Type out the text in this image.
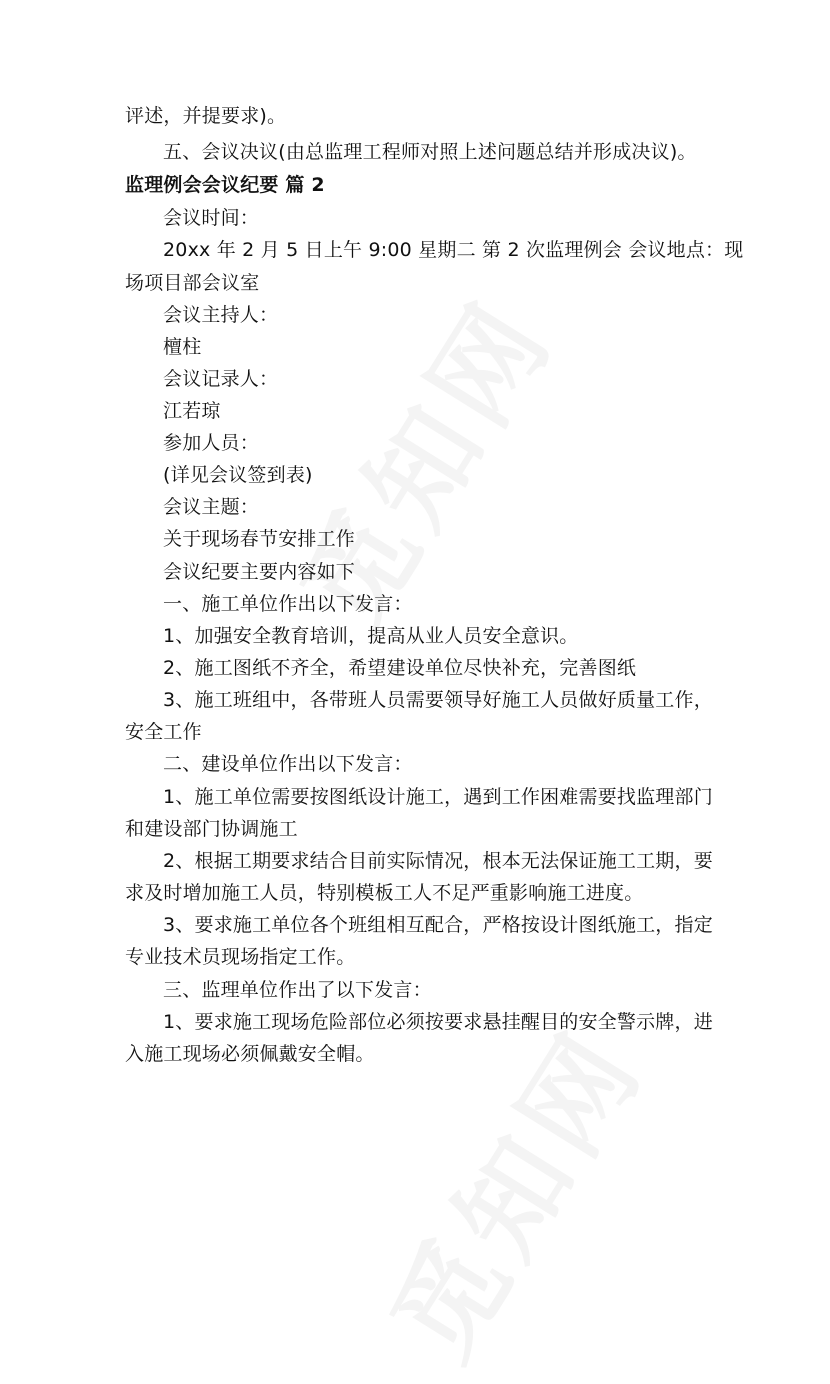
评述，并提要求)。
五、会议决议(由总监理工程师对照上述问题总结并形成决议)。
监理例会会议纪要 篇 2
会议时间：
20xx 年 2 月 5 日上午 9:00 星期二 第 2 次监理例会 会议地点：现
场项目部会议室
会议主持人：
檀柱
会议记录人：
江若琼
参加人员：
(详见会议签到表)
会议主题：
关于现场春节安排工作
会议纪要主要内容如下
一、施工单位作出以下发言：
1、加强安全教育培训，提高从业人员安全意识。
2、施工图纸不齐全，希望建设单位尽快补充，完善图纸
3、施工班组中，各带班人员需要领导好施工人员做好质量工作，
安全工作
二、建设单位作出以下发言：
1、施工单位需要按图纸设计施工，遇到工作困难需要找监理部门
和建设部门协调施工
2、根据工期要求结合目前实际情况，根本无法保证施工工期，要
求及时增加施工人员，特别模板工人不足严重影响施工进度。
3、要求施工单位各个班组相互配合，严格按设计图纸施工，指定
专业技术员现场指定工作。
三、监理单位作出了以下发言：
1、要求施工现场危险部位必须按要求悬挂醒目的安全警示牌，进
入施工现场必须佩戴安全帽。
